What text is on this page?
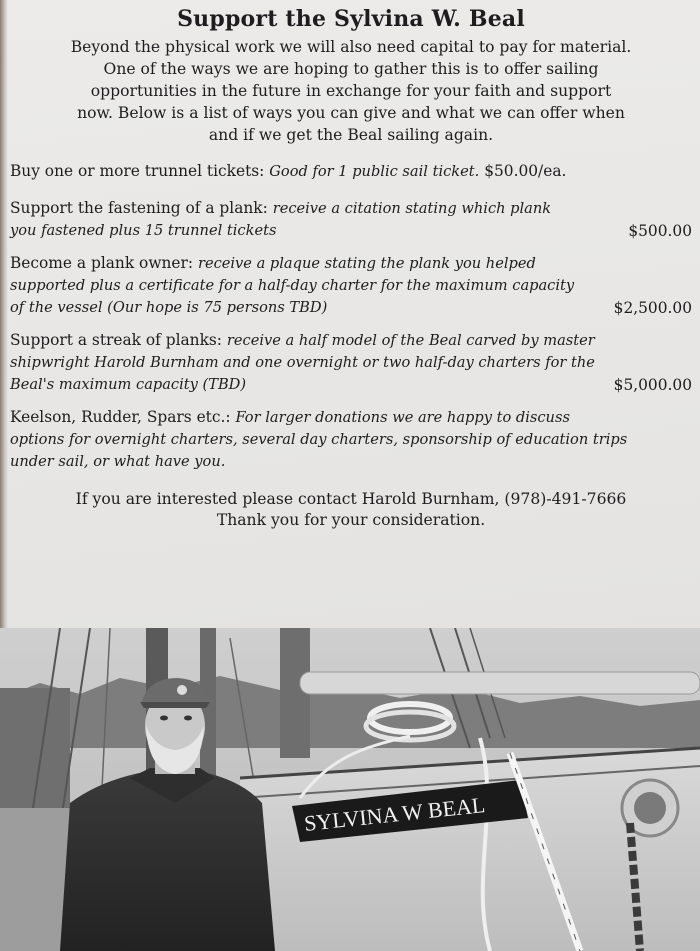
Support the Sylvina W. Beal
Beyond the physical work we will also need capital to pay for material.
One of the ways we are hoping to gather this is to offer sailing
opportunities in the future in exchange for your faith and support
now. Below is a list of ways you can give and what we can offer when
and if we get the Beal sailing again.
Buy one or more trunnel tickets: Good for 1 public sail ticket. $50.00/ea.
Support the fastening of a plank: receive a citation stating which plank
you fastened plus 15 trunnel tickets	$500.00
Become a plank owner: receive a plaque stating the plank you helped
supported plus a certificate for a half-day charter for the maximum capacity
of the vessel (Our hope is 75 persons TBD)	$2,500.00
Support a streak of planks: receive a half model of the Beal carved by master
shipwright Harold Burnham and one overnight or two half-day charters for the
Beal's maximum capacity (TBD)	$5,000.00
Keelson, Rudder, Spars etc.: For larger donations we are happy to discuss
options for overnight charters, several day charters, sponsorship of education trips
under sail, or what have you.
If you are interested please contact Harold Burnham, (978)-491-7666
Thank you for your consideration.
SYLVINA W BEAL
